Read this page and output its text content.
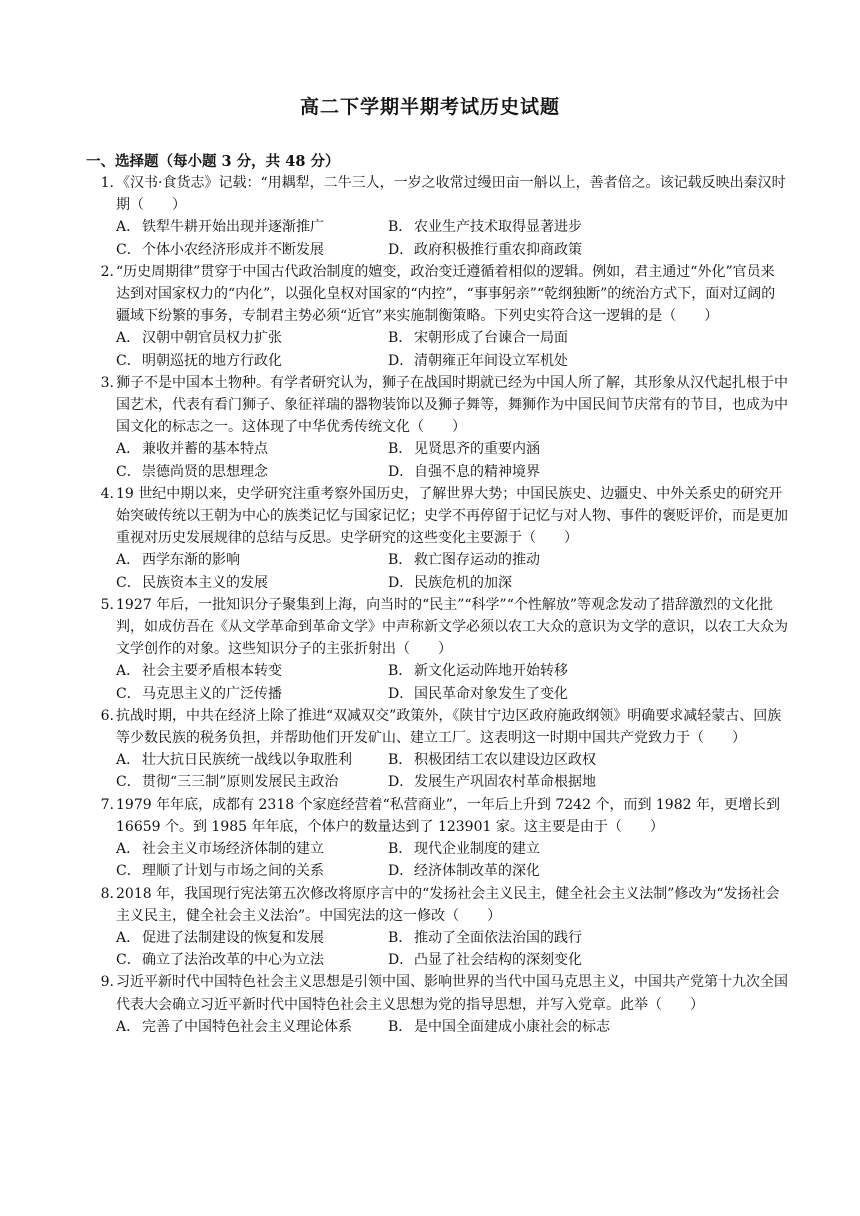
高二下学期半期考试历史试题
一、选择题（每小题 3 分，共 48 分）
1. 《汉书·食货志》记载：“用耦犁，二牛三人，一岁之收常过缦田亩一斛以上，善者倍之。该记载反映出秦汉时期（　　）
A． 铁犁牛耕开始出现并逐渐推广	B． 农业生产技术取得显著进步
C．个体小农经济形成并不断发展	D．政府积极推行重农抑商政策
2. “历史周期律”贯穿于中国古代政治制度的嬗变，政治变迁遵循着相似的逻辑。例如，君主通过“外化”官员来达到对国家权力的“内化”，以强化皇权对国家的“内控”，“事事躬亲”“乾纲独断”的统治方式下，面对辽阔的疆域下纷繁的事务，专制君主势必须“近官”来实施制衡策略。下列史实符合这一逻辑的是（　　）
A． 汉朝中朝官员权力扩张	B． 宋朝形成了台谏合一局面
C．明朝巡抚的地方行政化	D．清朝雍正年间设立军机处
3. 狮子不是中国本土物种。有学者研究认为，狮子在战国时期就已经为中国人所了解，其形象从汉代起扎根于中国艺术，代表有看门狮子、象征祥瑞的器物装饰以及狮子舞等，舞狮作为中国民间节庆常有的节目，也成为中国文化的标志之一。这体现了中华优秀传统文化（　　）
A． 兼收并蓄的基本特点	B． 见贤思齐的重要内涵
C．崇德尚贤的思想理念	D．自强不息的精神境界
4. 19 世纪中期以来，史学研究注重考察外国历史，了解世界大势；中国民族史、边疆史、中外关系史的研究开始突破传统以王朝为中心的族类记忆与国家记忆；史学不再停留于记忆与对人物、事件的褒贬评价，而是更加重视对历史发展规律的总结与反思。史学研究的这些变化主要源于（　　）
A． 西学东渐的影响	B． 救亡图存运动的推动
C．民族资本主义的发展	D．民族危机的加深
5. 1927 年后，一批知识分子聚集到上海，向当时的“民主”“科学”“个性解放”等观念发动了措辞激烈的文化批判，如成仿吾在《从文学革命到革命文学》中声称新文学必须以农工大众的意识为文学的意识，以农工大众为文学创作的对象。这些知识分子的主张折射出（　　）
A． 社会主要矛盾根本转变	B． 新文化运动阵地开始转移
C．马克思主义的广泛传播	D．国民革命对象发生了变化
6. 抗战时期，中共在经济上除了推进“双减双交”政策外，《陕甘宁边区政府施政纲领》明确要求减轻蒙古、回族等少数民族的税务负担，并帮助他们开发矿山、建立工厂。这表明这一时期中国共产党致力于（　　）
A． 壮大抗日民族统一战线以争取胜利	B． 积极团结工农以建设边区政权
C．贯彻“三三制”原则发展民主政治	D．发展生产巩固农村革命根据地
7. 1979 年年底，成都有 2318 个家庭经营着“私营商业”，一年后上升到 7242 个，而到 1982 年，更增长到 16659 个。到 1985 年年底，个体户的数量达到了 123901 家。这主要是由于（　　）
A． 社会主义市场经济体制的建立	B． 现代企业制度的建立
C．理顺了计划与市场之间的关系	D．经济体制改革的深化
8. 2018 年，我国现行宪法第五次修改将原序言中的“发扬社会主义民主，健全社会主义法制”修改为“发扬社会主义民主，健全社会主义法治”。中国宪法的这一修改（　　）
A． 促进了法制建设的恢复和发展	B． 推动了全面依法治国的践行
C．确立了法治改革的中心为立法	D．凸显了社会结构的深刻变化
9. 习近平新时代中国特色社会主义思想是引领中国、影响世界的当代中国马克思主义，中国共产党第十九次全国代表大会确立习近平新时代中国特色社会主义思想为党的指导思想，并写入党章。此举（　　）
A． 完善了中国特色社会主义理论体系	B． 是中国全面建成小康社会的标志
